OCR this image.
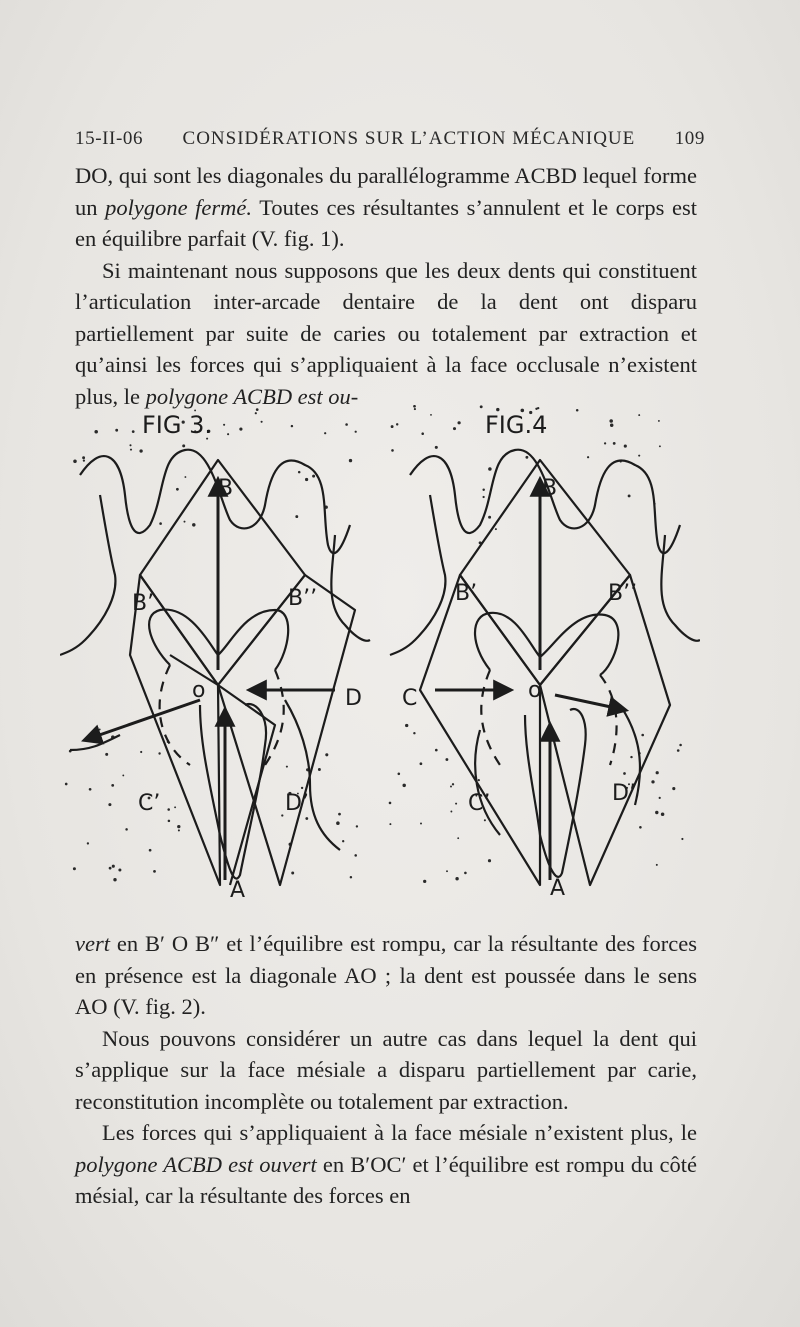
15-II-06 CONSIDÉRATIONS SUR L’ACTION MÉCANIQUE 109

DO, qui sont les diagonales du parallélogramme ACBD lequel forme un polygone fermé. Toutes ces résultantes s’annulent et le corps est en équilibre parfait (V. fig. 1).

Si maintenant nous supposons que les deux dents qui constituent l’articulation inter-arcade dentaire de la dent ont disparu partiellement par suite de caries ou totalement par extraction et qu’ainsi les forces qui s’appliquaient à la face occlusale n’existent plus, le polygone ACBD est ou-

FIG 3.	FIG.4
B
B’	B’’
o	D
C’	D’
A
B
B’	B’’
o
C
C’	D’
A

vert en B′ O B″ et l’équilibre est rompu, car la résultante des forces en présence est la diagonale AO ; la dent est poussée dans le sens AO (V. fig. 2).

Nous pouvons considérer un autre cas dans lequel la dent qui s’applique sur la face mésiale a disparu partiellement par carie, reconstitution incomplète ou totalement par extraction.

Les forces qui s’appliquaient à la face mésiale n’existent plus, le polygone ACBD est ouvert en B′OC′ et l’équilibre est rompu du côté mésial, car la résultante des forces en
